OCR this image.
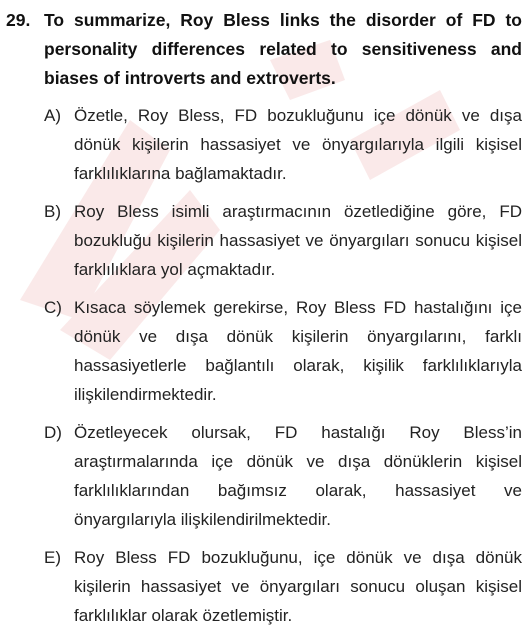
29. To summarize, Roy Bless links the disorder of FD to personality differences related to sensitiveness and biases of introverts and extroverts.
A) Özetle, Roy Bless, FD bozukluğunu içe dönük ve dışa dönük kişilerin hassasiyet ve önyargılarıyla ilgili kişisel farklılıklarına bağlamaktadır.
B) Roy Bless isimli araştırmacının özetlediğine göre, FD bozukluğu kişilerin hassasiyet ve önyargıları sonucu kişisel farklılıklara yol açmaktadır.
C) Kısaca söylemek gerekirse, Roy Bless FD hastalığını içe dönük ve dışa dönük kişilerin önyargılarını, farklı hassasiyetlerle bağlantılı olarak, kişilik farklılıklarıyla ilişkilendirmektedir.
D) Özetleyecek olursak, FD hastalığı Roy Bless’in araştırmalarında içe dönük ve dışa dönüklerin kişisel farklılıklarından bağımsız olarak, hassasiyet ve önyargılarıyla ilişkilendirilmektedir.
E) Roy Bless FD bozukluğunu, içe dönük ve dışa dönük kişilerin hassasiyet ve önyargıları sonucu oluşan kişisel farklılıklar olarak özetlemiştir.
